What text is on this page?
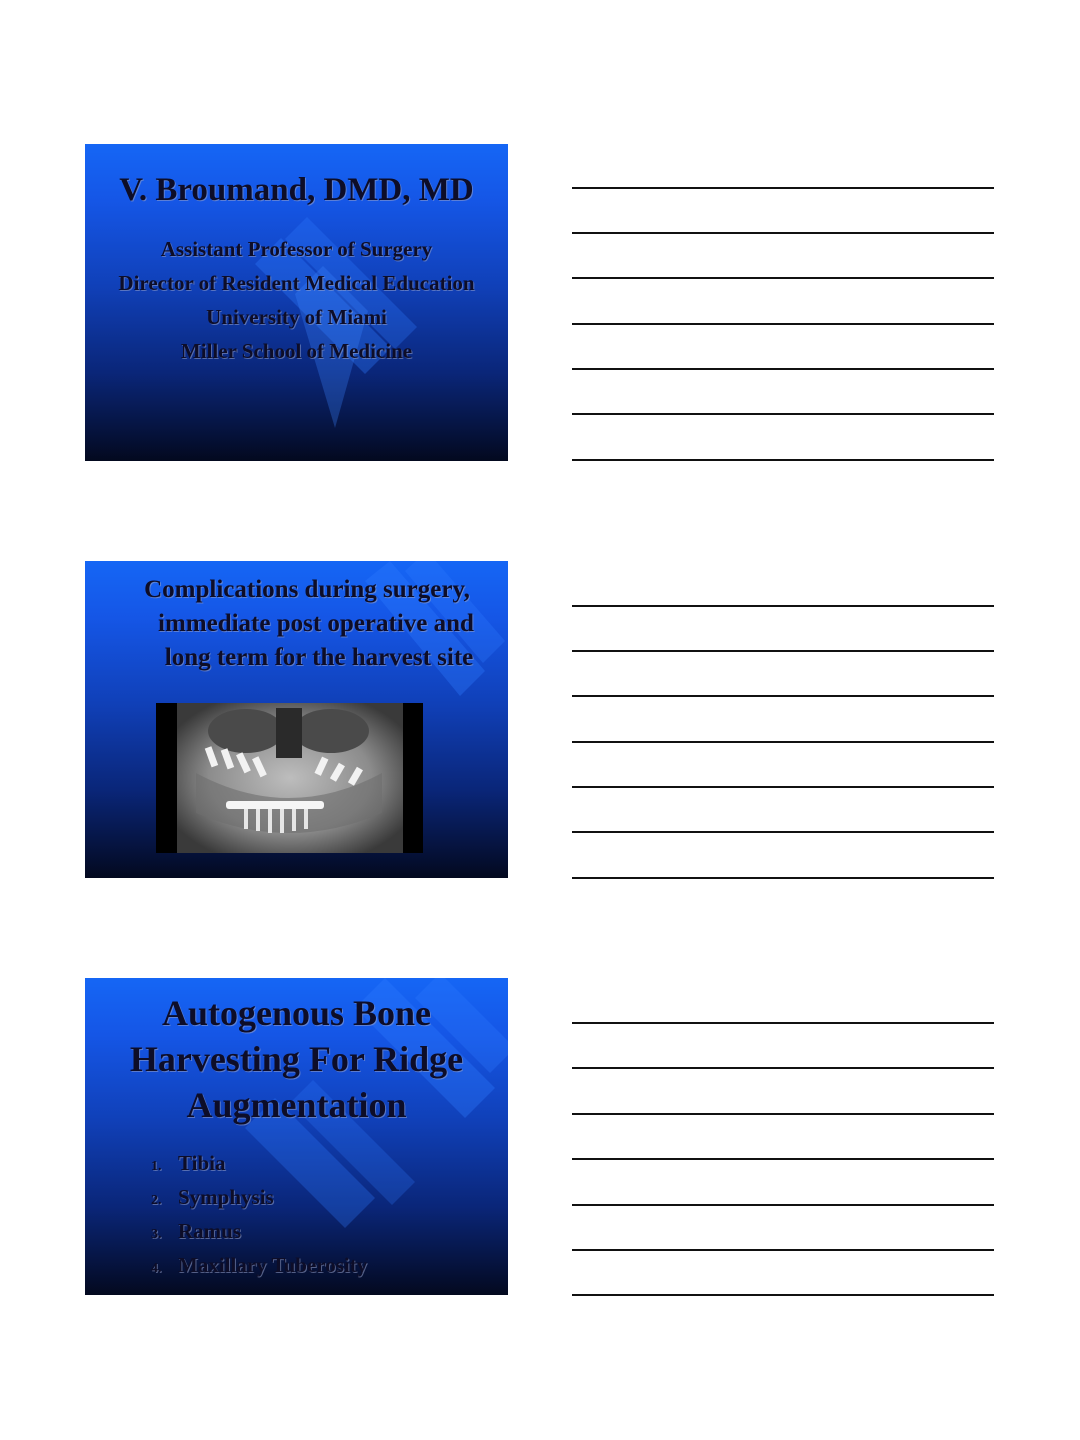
V. Broumand, DMD, MD
Assistant Professor of Surgery
Director of Resident Medical Education
University of Miami
Miller School of Medicine
Complications during surgery,
immediate post operative and
long term for the harvest site
Autogenous Bone
Harvesting For Ridge
Augmentation
1. Tibia
2. Symphysis
3. Ramus
4. Maxillary Tuberosity
